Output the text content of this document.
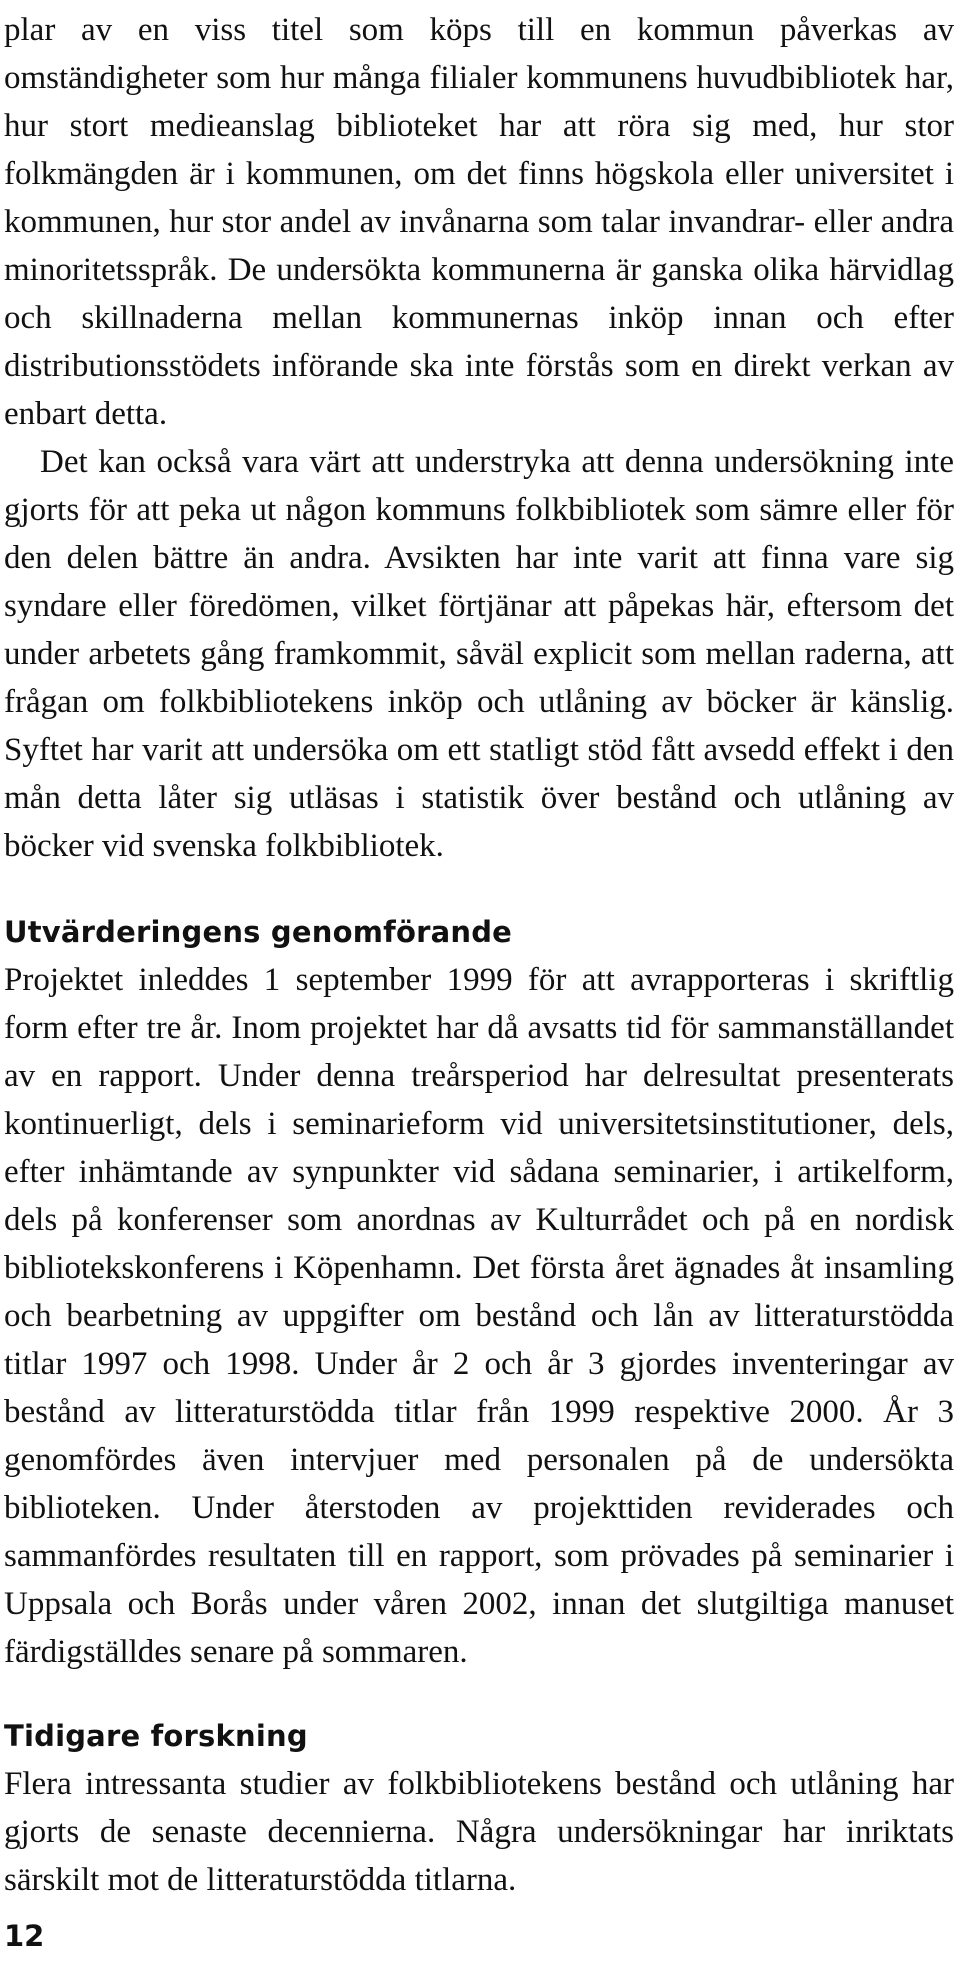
plar av en viss titel som köps till en kommun påverkas av omständigheter som hur många filialer kommunens huvudbibliotek har, hur stort medieanslag biblioteket har att röra sig med, hur stor folkmängden är i kommunen, om det finns högskola eller universitet i kommunen, hur stor andel av invånarna som talar invandrar- eller andra minoritetsspråk. De undersökta kommunerna är ganska olika härvidlag och skillnaderna mellan kommunernas inköp innan och efter distributionsstödets införande ska inte förstås som en direkt verkan av enbart detta.

Det kan också vara värt att understryka att denna undersökning inte gjorts för att peka ut någon kommuns folkbibliotek som sämre eller för den delen bättre än andra. Avsikten har inte varit att finna vare sig syndare eller föredömen, vilket förtjänar att påpekas här, eftersom det under arbetets gång framkommit, såväl explicit som mellan raderna, att frågan om folkbibliotekens inköp och utlåning av böcker är känslig. Syftet har varit att undersöka om ett statligt stöd fått avsedd effekt i den mån detta låter sig utläsas i statistik över bestånd och utlåning av böcker vid svenska folkbibliotek.

Utvärderingens genomförande

Projektet inleddes 1 september 1999 för att avrapporteras i skriftlig form efter tre år. Inom projektet har då avsatts tid för sammanställandet av en rapport. Under denna treårsperiod har delresultat presenterats kontinuerligt, dels i seminarieform vid universitetsinstitutioner, dels, efter inhämtande av synpunkter vid sådana seminarier, i artikelform, dels på konferenser som anordnas av Kulturrådet och på en nordisk bibliotekskonferens i Köpenhamn. Det första året ägnades åt insamling och bearbetning av uppgifter om bestånd och lån av litteraturstödda titlar 1997 och 1998. Under år 2 och år 3 gjordes inventeringar av bestånd av litteraturstödda titlar från 1999 respektive 2000. År 3 genomfördes även intervjuer med personalen på de undersökta biblioteken. Under återstoden av projekttiden reviderades och sammanfördes resultaten till en rapport, som prövades på seminarier i Uppsala och Borås under våren 2002, innan det slutgiltiga manuset färdigställdes senare på sommaren.

Tidigare forskning

Flera intressanta studier av folkbibliotekens bestånd och utlåning har gjorts de senaste decennierna. Några undersökningar har inriktats särskilt mot de litteraturstödda titlarna.

12
